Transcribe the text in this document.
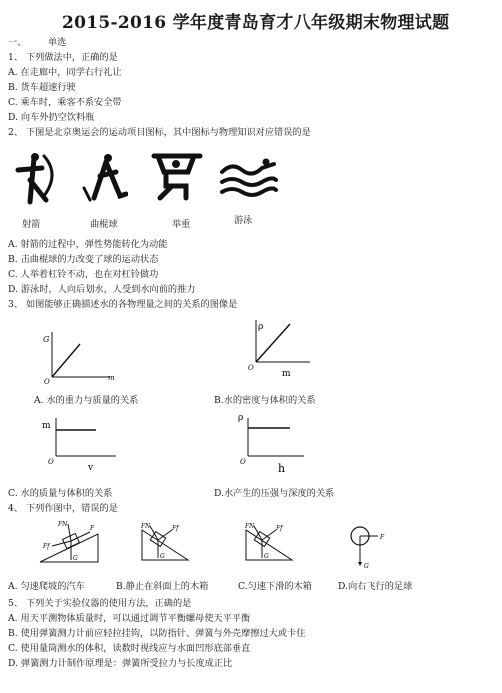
2015-2016 学年度青岛育才八年级期末物理试题
一、 单选
1、 下列做法中，正确的是
A. 在走廊中，同学右行礼让
B. 货车超速行驶
C. 乘车时，乘客不系安全带
D. 向车外扔空饮料瓶
2、 下图是北京奥运会的运动项目图标，其中图标与物理知识对应错误的是
射箭	曲棍球	举重	游泳
A. 射箭的过程中，弹性势能转化为动能
B. 击曲棍球的力改变了球的运动状态
C. 人举着杠铃不动，也在对杠铃做功
D. 游泳时，人向后划水，人受到水向前的推力
3、 如图能够正确描述水的各物理量之间的关系的图像是
G
m
O
ρ
m
O
A. 水的重力与质量的关系	B.水的密度与体积的关系
m
v
O
ρ
h
O
C. 水的质量与体积的关系	D.水产生的压强与深度的关系
4、 下列作图中，错误的是
FN
Ff
F
G
FN	Ff
G
FN	Ff
G
F
G
A. 匀速爬坡的汽车	B.静止在斜面上的木箱	C.匀速下滑的木箱	D.向右飞行的足球
5、 下列关于实验仪器的使用方法，正确的是
A. 用天平测物体质量时，可以通过调节平衡螺母使天平平衡
B. 使用弹簧测力计前应轻拉挂钩，以防指针、弹簧与外壳摩擦过大或卡住
C. 使用量筒测水的体积，读数时视线应与水面凹形底部垂直
D. 弹簧测力计制作原理是：弹簧所受拉力与长度成正比
